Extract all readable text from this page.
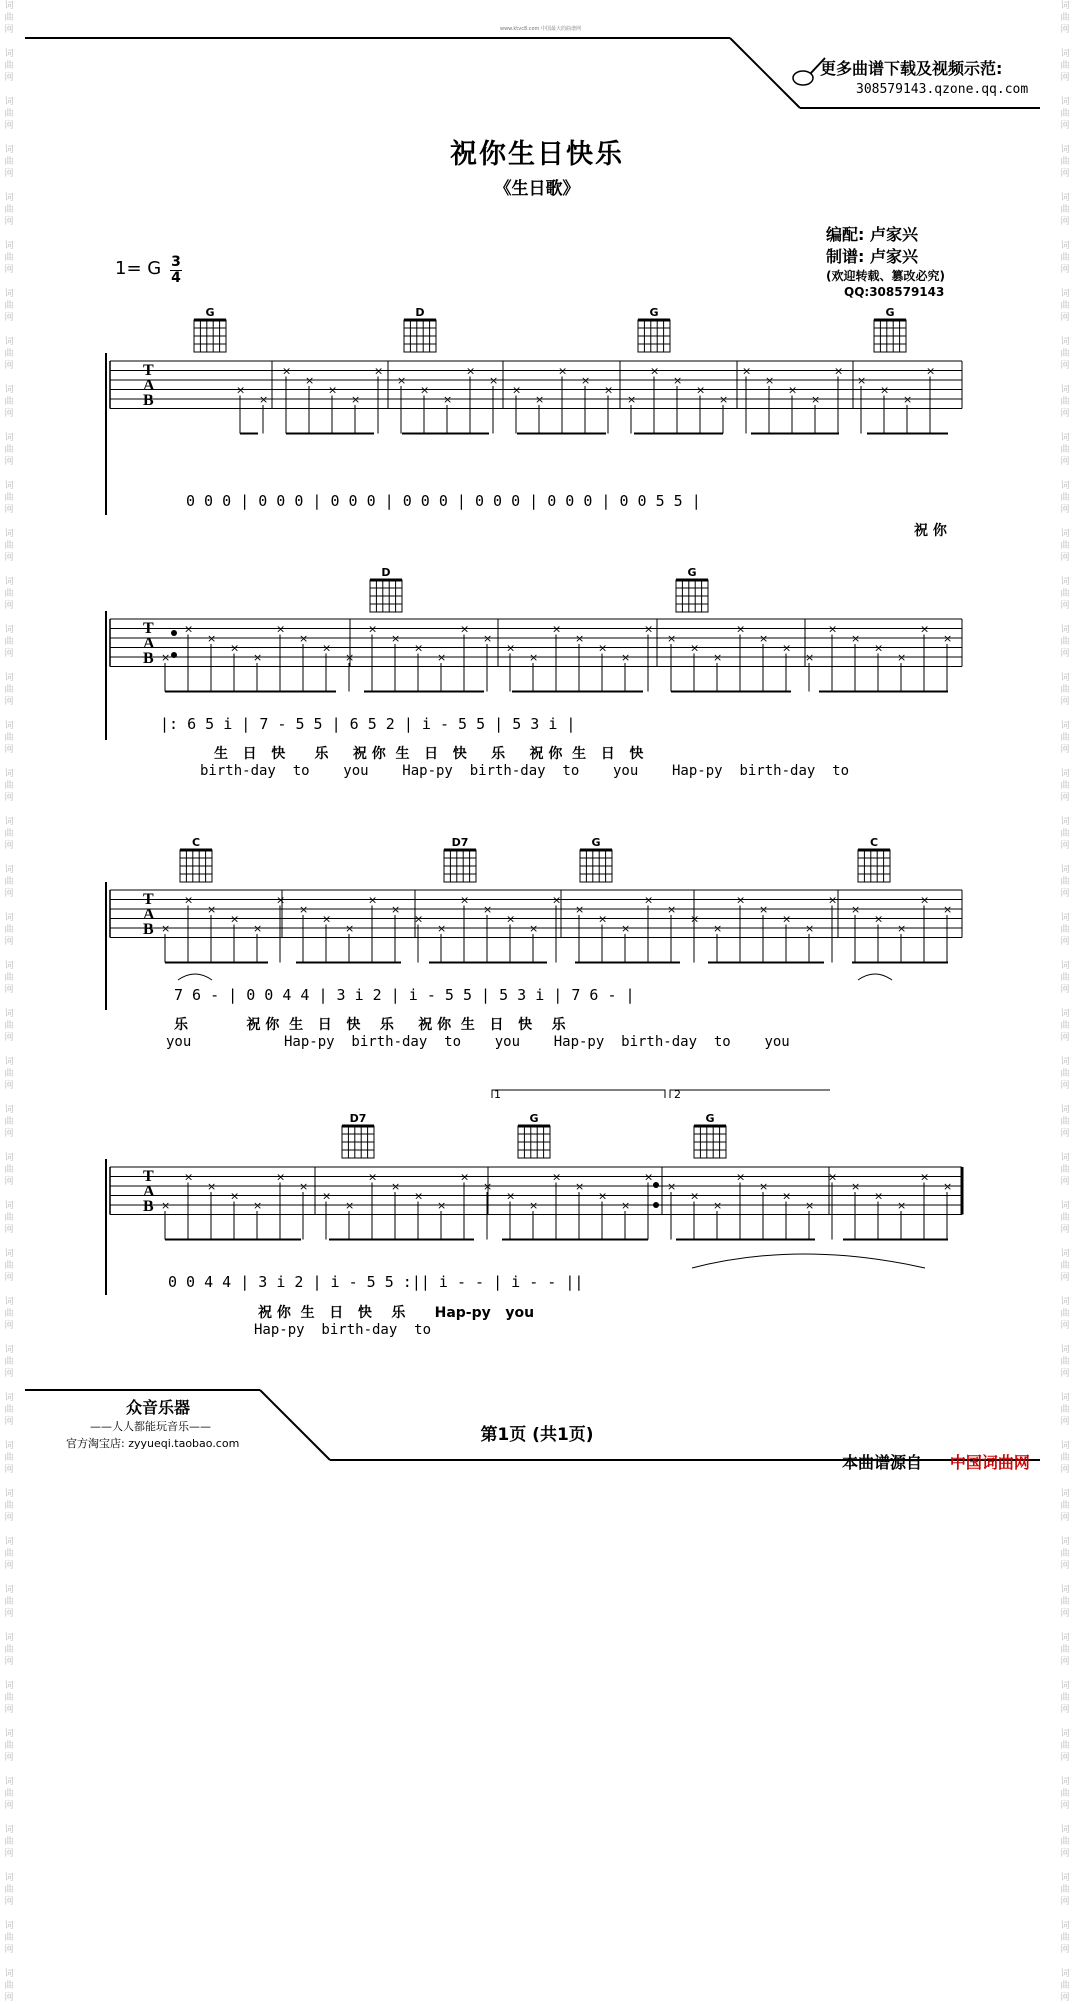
词
曲
网

词
曲
网

词
曲
网

词
曲
网

词
曲
网

词
曲
网

词
曲
网

词
曲
网

词
曲
网

词
曲
网

词
曲
网

词
曲
网

词
曲
网

词
曲
网

词
曲
网

词
曲
网

词
曲
网

词
曲
网

词
曲
网

词
曲
网

词
曲
网

词
曲
网

词
曲
网

词
曲
网

词
曲
网

词
曲
网

词
曲
网

词
曲
网

词
曲
网

词
曲
网

词
曲
网

词
曲
网

词
曲
网

词
曲
网

词
曲
网

词
曲
网

词
曲
网

词
曲
网

词
曲
网

词
曲
网

词
曲
网

词
曲
网

词
曲
网

词
曲
网

词
曲
网

词
曲
网

词
曲
网

词
曲
网

词
曲
网

词
曲
网

词
曲
网

词
曲
网

词
曲
网

词
曲
网

词
曲
网

词
曲
网

词
曲
网

词
曲
网

词
曲
网

词
曲
网

词
曲
网

词
曲
网

词
曲
网

词
曲
网

词
曲
网

词
曲
网

词
曲
网

词
曲
网

词
曲
网

词
曲
网

词
曲
网

词
曲
网

词
曲
网

词
曲
网

词
曲
网

词
曲
网

词
曲
网

词
曲
网

词
曲
网

词
曲
网

词
曲
网

词
曲
网

词
曲
网

词
曲
网

www.ktvc8.com 中国最大的曲谱网
更多曲谱下载及视频示范:
308579143.qzone.qq.com
祝你生日快乐
《生日歌》
编配: 卢家兴
制谱: 卢家兴
(欢迎转载、篡改必究)
QQ:308579143
1= G 3
4
T
A
B
×
×
×
×
×
×
×
×
×
×
×
×
×
×
×
×
×
×
×
×
×
×
×
×
×
×
×
×
×
×
×
T
A
B ×
×
×
×
×
×
×
×
×
×
×
×
×
×
×
×
×
×
×
×
×
×
×
×
×
×
×
×
×
×
×
×
×
×
×
T
A
B ×
×
×
×
×
×
×
×
×
×
×
×
×
×
×
×
×
×
×
×
×
×
×
×
×
×
×
×
×
×
×
×
×
×
×
T
A
B ×
×
×
×
×
×
×
×
×
×
×
×
×
×
×
×
×
×
×
×
×
×
×
×
×
×
×
×
×
×
×
×
×
×
×
G	D	G	G
D	G
C	D7	G	C
D7	G	G
0 0 0 | 0 0 0 | 0 0 0 | 0 0 0 | 0 0 0 | 0 0 0 | 0 0 5 5 |
祝 你
|: 6 5 i | 7 - 5 5 | 6 5 2 | i - 5 5 | 5 3 i |
生   日   快      乐     祝 你  生   日   快     乐     祝 你  生   日   快
birth-day  to    you    Hap-py  birth-day  to    you    Hap-py  birth-day  to
7 6 - | 0 0 4 4 | 3 i 2 | i - 5 5 | 5 3 i | 7 6 - |
乐            祝 你  生   日   快    乐     祝 你  生   日   快    乐
you           Hap-py  birth-day  to    you    Hap-py  birth-day  to    you
0 0 4 4 | 3 i 2 | i - 5 5 :|| i - - | i - - ||
祝 你  生   日   快    乐      Hap-py   you
Hap-py  birth-day  to
1	2
众音乐器
——人人都能玩音乐——
官方淘宝店: zyyueqi.taobao.com	第1页 (共1页)
本曲谱源自 中国词曲网
